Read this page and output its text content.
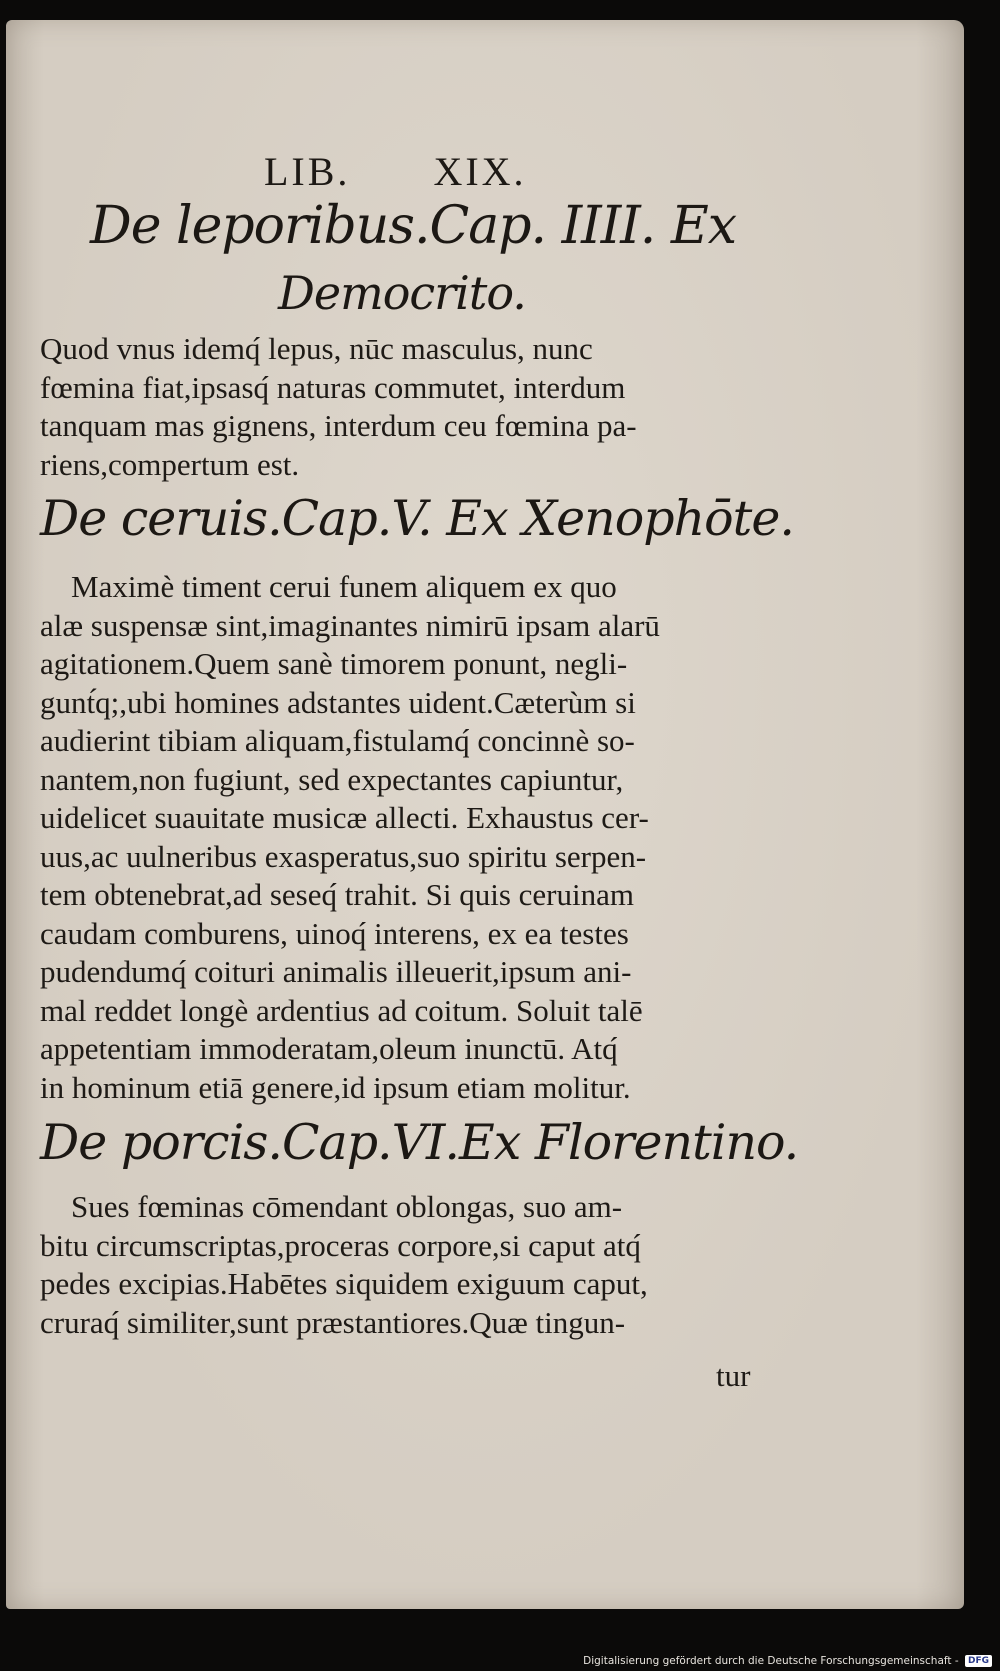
LIB. XIX.
De leporibus.Cap. IIII. Ex
Democrito.
Quod vnus idemq́ lepus, nūc masculus, nunc
fœmina fiat,ipsasq́ naturas commutet, interdum
tanquam mas gignens, interdum ceu fœmina pa-
riens,compertum est.
De ceruis.Cap.V. Ex Xenophōte.
Maximè timent cerui funem aliquem ex quo
alæ suspensæ sint,imaginantes nimirū ipsam alarū
agitationem.Quem sanè timorem ponunt, negli-
gunt́q;,ubi homines adstantes uident.Cæterùm si
audierint tibiam aliquam,fistulamq́ concinnè so-
nantem,non fugiunt, sed expectantes capiuntur,
uidelicet suauitate musicæ allecti. Exhaustus cer-
uus,ac uulneribus exasperatus,suo spiritu serpen-
tem obtenebrat,ad seseq́ trahit. Si quis ceruinam
caudam comburens, uinoq́ interens, ex ea testes
pudendumq́ coituri animalis illeuerit,ipsum ani-
mal reddet longè ardentius ad coitum. Soluit talē
appetentiam immoderatam,oleum inunctū. Atq́
in hominum etiā genere,id ipsum etiam molitur.
De porcis.Cap.VI.Ex Florentino.
Sues fœminas cōmendant oblongas, suo am-
bitu circumscriptas,proceras corpore,si caput atq́
pedes excipias.Habētes siquidem exiguum caput,
cruraq́ similiter,sunt præstantiores.Quæ tingun-
tur
Digitalisierung gefördert durch die Deutsche Forschungsgemeinschaft - DFG
